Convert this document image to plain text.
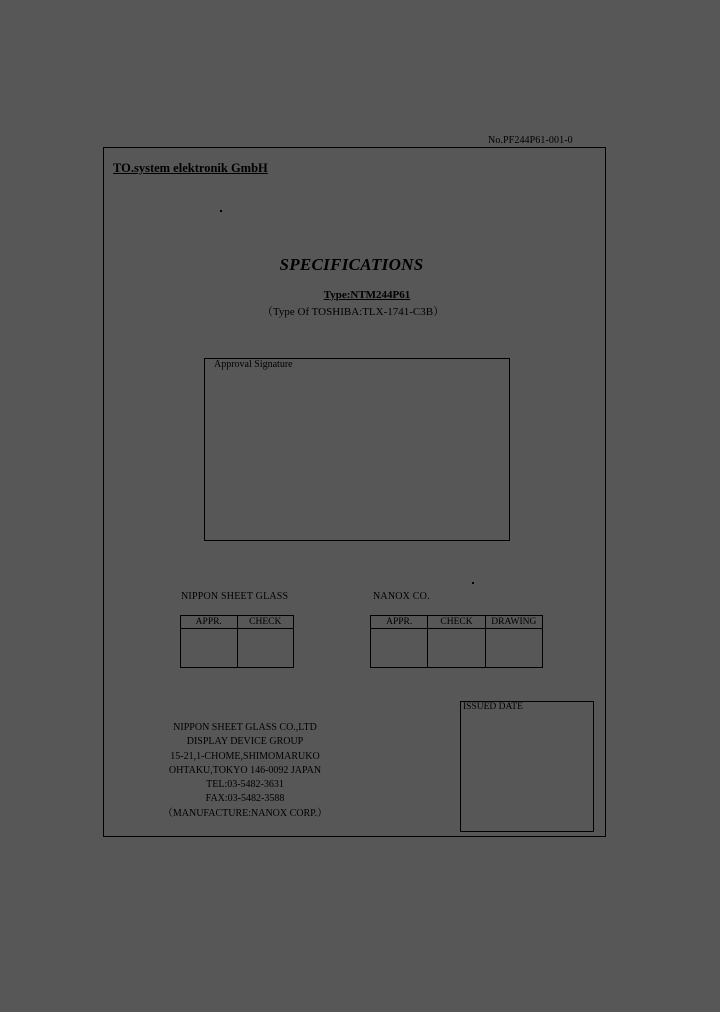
No.PF244P61-001-0
TO.system elektronik GmbH
SPECIFICATIONS
Type:NTM244P61
（Type Of TOSHIBA:TLX-1741-C3B）
Approval Signature
NIPPON SHEET GLASS
APPR.	CHECK

NANOX CO.
APPR.	CHECK	DRAWING

NIPPON SHEET GLASS CO.,LTD
DISPLAY DEVICE GROUP
15-21,1-CHOME,SHIMOMARUKO
OHTAKU,TOKYO 146-0092 JAPAN
TEL:03-5482-3631
FAX:03-5482-3588
（MANUFACTURE:NANOX CORP.）
ISSUED DATE
